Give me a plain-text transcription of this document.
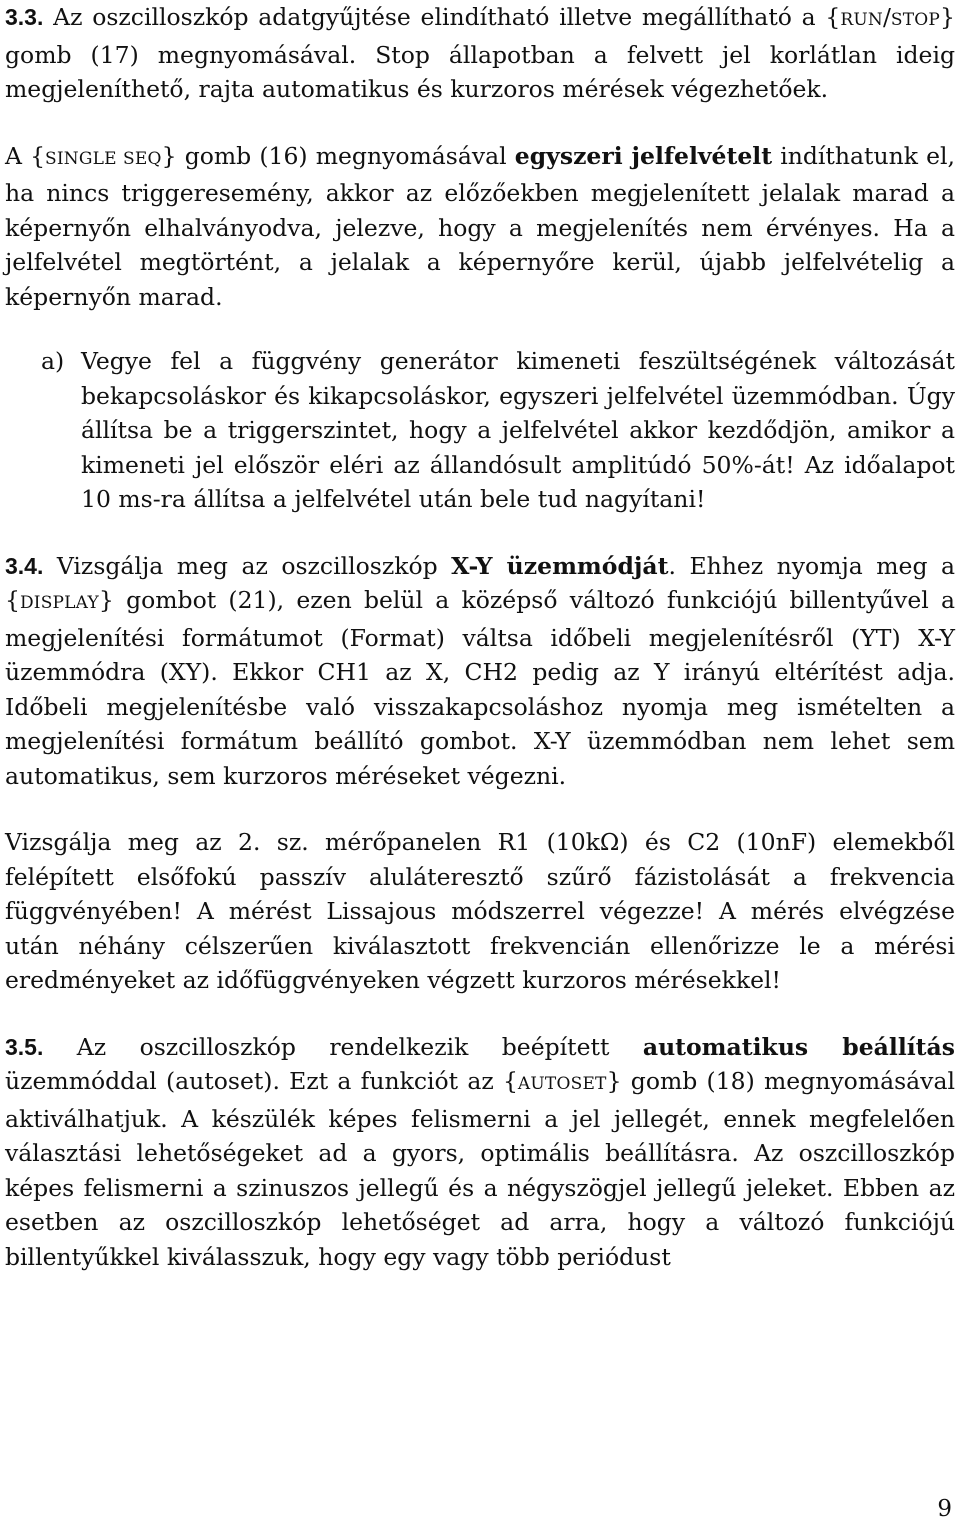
3.3. Az oszcilloszkóp adatgyűjtése elindítható illetve megállítható a {RUN/STOP} gomb (17) megnyomásával. Stop állapotban a felvett jel korlátlan ideig megjeleníthető, rajta automatikus és kurzoros mérések végezhetőek.

A {SINGLE SEQ} gomb (16) megnyomásával egyszeri jelfelvételt indíthatunk el, ha nincs triggeresemény, akkor az előzőekben megjelenített jelalak marad a képernyőn elhalványodva, jelezve, hogy a megjelenítés nem érvényes. Ha a jelfelvétel megtörtént, a jelalak a képernyőre kerül, újabb jelfelvételig a képernyőn marad.

a) Vegye fel a függvény generátor kimeneti feszültségének változását bekapcsoláskor és kikapcsoláskor, egyszeri jelfelvétel üzemmódban. Úgy állítsa be a triggerszintet, hogy a jelfelvétel akkor kezdődjön, amikor a kimeneti jel először eléri az állandósult amplitúdó 50%-át! Az időalapot 10 ms-ra állítsa a jelfelvétel után bele tud nagyítani!

3.4. Vizsgálja meg az oszcilloszkóp X-Y üzemmódját. Ehhez nyomja meg a {DISPLAY} gombot (21), ezen belül a középső változó funkciójú billentyűvel a megjelenítési formátumot (Format) váltsa időbeli megjelenítésről (YT) X-Y üzemmódra (XY). Ekkor CH1 az X, CH2 pedig az Y irányú eltérítést adja. Időbeli megjelenítésbe való visszakapcsoláshoz nyomja meg ismételten a megjelenítési formátum beállító gombot. X-Y üzemmódban nem lehet sem automatikus, sem kurzoros méréseket végezni.

Vizsgálja meg az 2. sz. mérőpanelen R1 (10kΩ) és C2 (10nF) elemekből felépített elsőfokú passzív aluláteresztő szűrő fázistolását a frekvencia függvényében! A mérést Lissajous módszerrel végezze! A mérés elvégzése után néhány célszerűen kiválasztott frekvencián ellenőrizze le a mérési eredményeket az időfüggvényeken végzett kurzoros mérésekkel!

3.5. Az oszcilloszkóp rendelkezik beépített automatikus beállítás üzemmóddal (autoset). Ezt a funkciót az {AUTOSET} gomb (18) megnyomásával aktiválhatjuk. A készülék képes felismerni a jel jellegét, ennek megfelelően választási lehetőségeket ad a gyors, optimális beállításra. Az oszcilloszkóp képes felismerni a szinuszos jellegű és a négyszögjel jellegű jeleket. Ebben az esetben az oszcilloszkóp lehetőséget ad arra, hogy a változó funkciójú billentyűkkel kiválasszuk, hogy egy vagy több periódust

9
